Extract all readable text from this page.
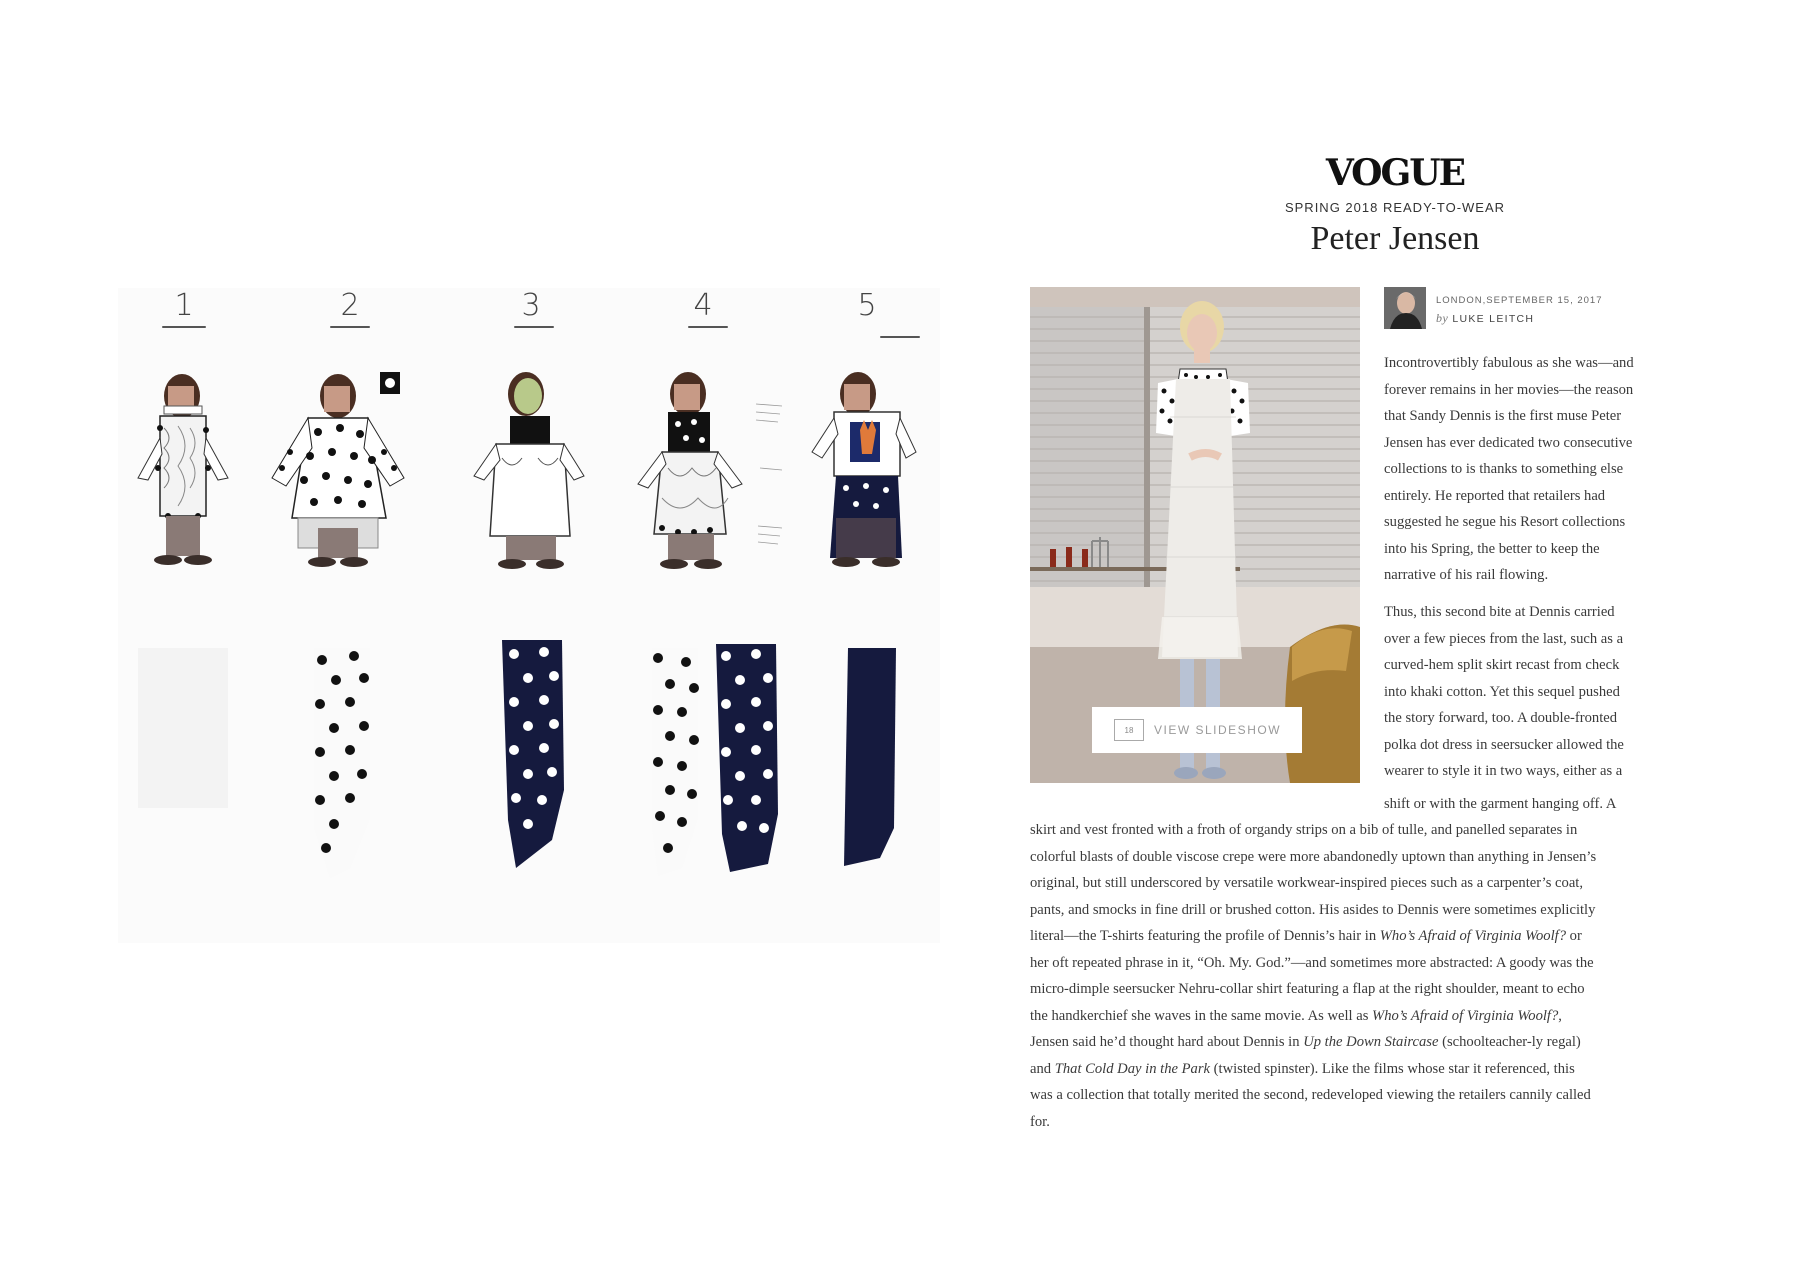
1	2	3	4	5
VOGUE
SPRING 2018 READY-TO-WEAR
Peter Jensen
18	VIEW SLIDESHOW
LONDON,SEPTEMBER 15, 2017
by LUKE LEITCH
Incontrovertibly fabulous as she was—and
forever remains in her movies—the reason
that Sandy Dennis is the first muse Peter
Jensen has ever dedicated two consecutive
collections to is thanks to something else
entirely. He reported that retailers had
suggested he segue his Resort collections
into his Spring, the better to keep the
narrative of his rail flowing.
Thus, this second bite at Dennis carried
over a few pieces from the last, such as a
curved-hem split skirt recast from check
into khaki cotton. Yet this sequel pushed
the story forward, too. A double-fronted
polka dot dress in seersucker allowed the
wearer to style it in two ways, either as a
shift or with the garment hanging off. A
skirt and vest fronted with a froth of organdy strips on a bib of tulle, and panelled separates in
colorful blasts of double viscose crepe were more abandonedly uptown than anything in Jensen’s
original, but still underscored by versatile workwear-inspired pieces such as a carpenter’s coat,
pants, and smocks in fine drill or brushed cotton. His asides to Dennis were sometimes explicitly
literal—the T-shirts featuring the profile of Dennis’s hair in Who’s Afraid of Virginia Woolf? or
her oft repeated phrase in it, “Oh. My. God.”—and sometimes more abstracted: A goody was the
micro-dimple seersucker Nehru-collar shirt featuring a flap at the right shoulder, meant to echo
the handkerchief she waves in the same movie. As well as Who’s Afraid of Virginia Woolf?,
Jensen said he’d thought hard about Dennis in Up the Down Staircase (schoolteacher-ly regal)
and That Cold Day in the Park (twisted spinster). Like the films whose star it referenced, this
was a collection that totally merited the second, redeveloped viewing the retailers cannily called
for.
